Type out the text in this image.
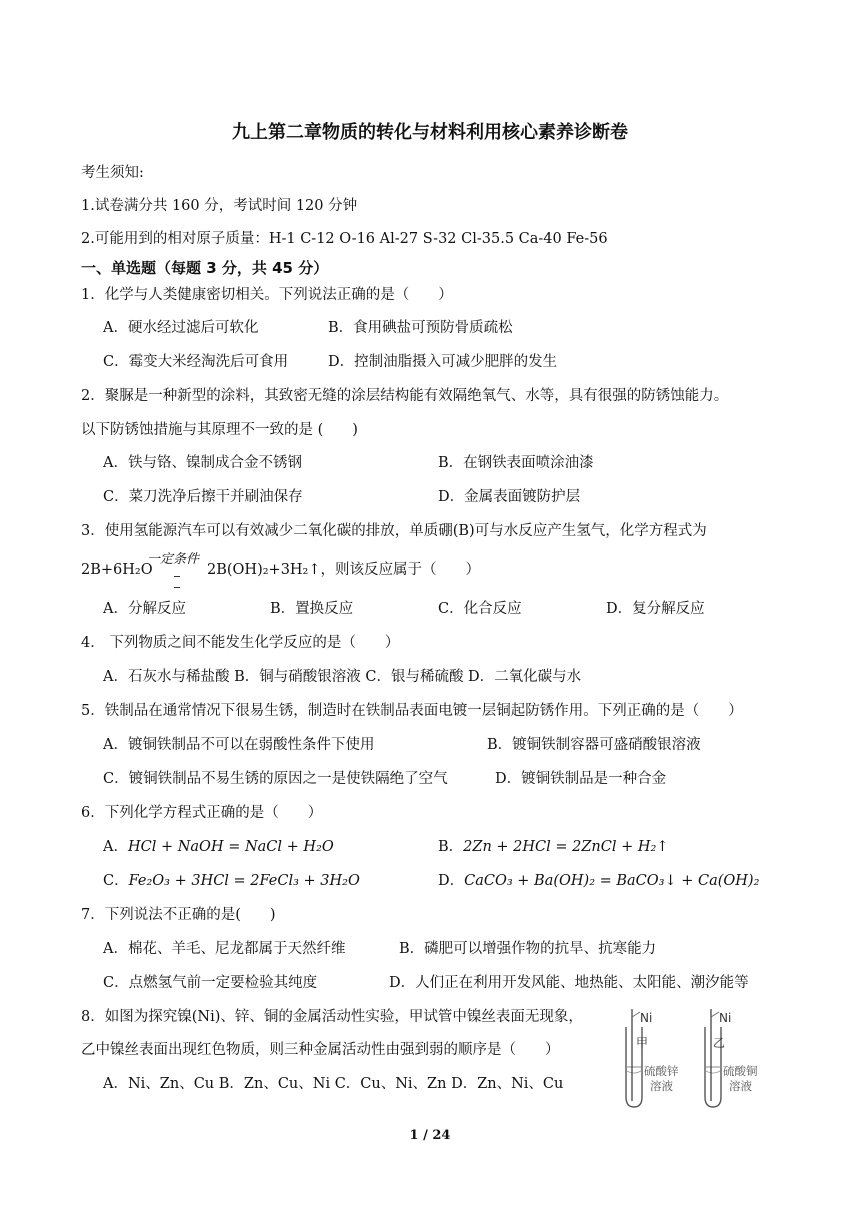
九上第二章物质的转化与材料利用核心素养诊断卷
考生须知:
1.试卷满分共 160 分，考试时间 120 分钟
2.可能用到的相对原子质量：H-1 C-12 O-16 Al-27 S-32 Cl-35.5 Ca-40 Fe-56
一、单选题（每题 3 分，共 45 分）
1．化学与人类健康密切相关。下列说法正确的是（　　）
A．硬水经过滤后可软化	B．食用碘盐可预防骨质疏松
C．霉变大米经淘洗后可食用	D．控制油脂摄入可减少肥胖的发生
2．聚脲是一种新型的涂料，其致密无缝的涂层结构能有效隔绝氧气、水等，具有很强的防锈蚀能力。
以下防锈蚀措施与其原理不一致的是 (　　)
A．铁与铬、镍制成合金不锈钢	B．在钢铁表面喷涂油漆
C．菜刀洗净后擦干并刷油保存	D．金属表面镀防护层
3．使用氢能源汽车可以有效减少二氧化碳的排放，单质硼(B)可与水反应产生氢气，化学方程式为
2B+6H₂O
一定条件
2B(OH)₂+3H₂↑，则该反应属于（　　）
A．分解反应	B．置换反应	C．化合反应	D．复分解反应
4． 下列物质之间不能发生化学反应的是（　　）
A．石灰水与稀盐酸 B．铜与硝酸银溶液 C．银与稀硫酸 D．二氧化碳与水
5．铁制品在通常情况下很易生锈，制造时在铁制品表面电镀一层铜起防锈作用。下列正确的是（　　）
A．镀铜铁制品不可以在弱酸性条件下使用	B．镀铜铁制容器可盛硝酸银溶液
C．镀铜铁制品不易生锈的原因之一是使铁隔绝了空气	D．镀铜铁制品是一种合金
6．下列化学方程式正确的是（　　）
A．HCl + NaOH = NaCl + H₂O	B．2Zn + 2HCl = 2ZnCl + H₂↑
C．Fe₂O₃ + 3HCl = 2FeCl₃ + 3H₂O	D．CaCO₃ + Ba(OH)₂ = BaCO₃↓ + Ca(OH)₂
7．下列说法不正确的是(　　)
A．棉花、羊毛、尼龙都属于天然纤维	B．磷肥可以增强作物的抗旱、抗寒能力
C．点燃氢气前一定要检验其纯度	D．人们正在利用开发风能、地热能、太阳能、潮汐能等
8．如图为探究镍(Ni)、锌、铜的金属活动性实验，甲试管中镍丝表面无现象，
乙中镍丝表面出现红色物质，则三种金属活动性由强到弱的顺序是（　　）
A．Ni、Zn、Cu B．Zn、Cu、Ni C．Cu、Ni、Zn D．Zn、Ni、Cu
Ni
甲
硫酸锌
溶液
Ni
乙
硫酸铜
溶液
1 / 24
